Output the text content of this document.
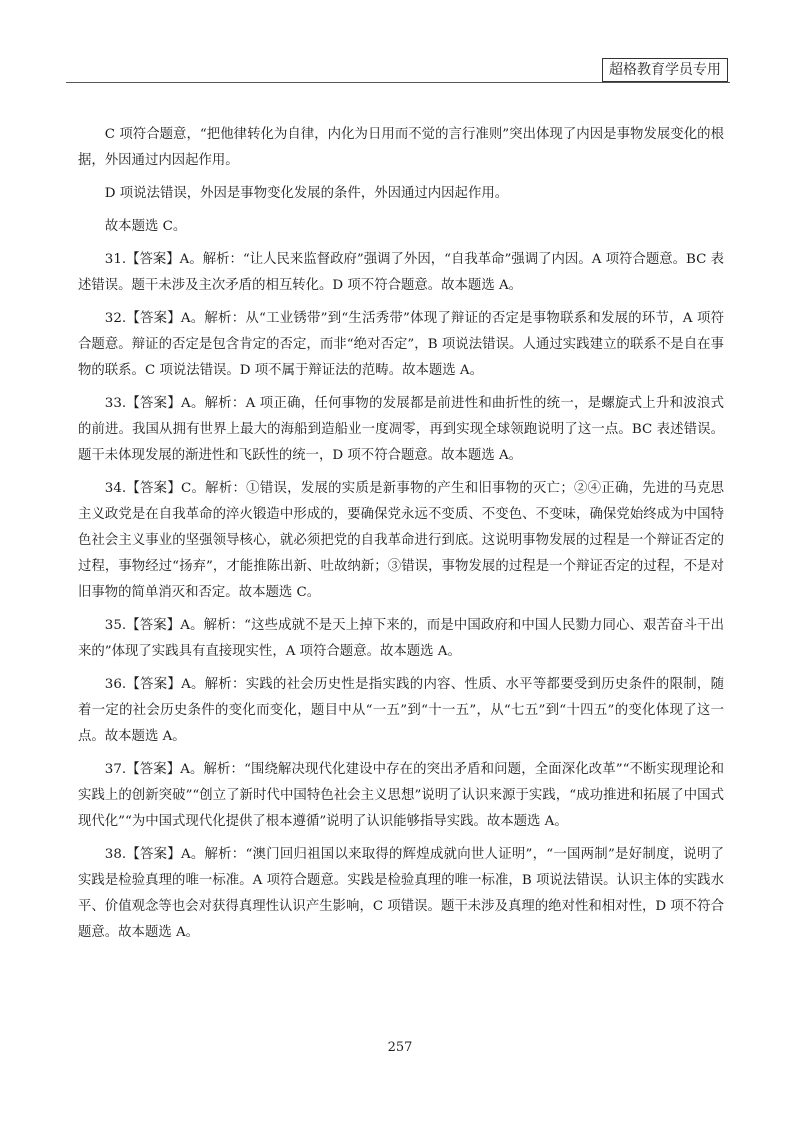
超格教育学员专用

C 项符合题意，“把他律转化为自律，内化为日用而不觉的言行准则”突出体现了内因是事物发展变化的根据，外因通过内因起作用。

D 项说法错误，外因是事物变化发展的条件，外因通过内因起作用。

故本题选 C。

31.【答案】A。解析：“让人民来监督政府”强调了外因，“自我革命”强调了内因。A 项符合题意。BC 表述错误。题干未涉及主次矛盾的相互转化。D 项不符合题意。故本题选 A。

32.【答案】A。解析：从“工业锈带”到“生活秀带”体现了辩证的否定是事物联系和发展的环节，A 项符合题意。辩证的否定是包含肯定的否定，而非“绝对否定”，B 项说法错误。人通过实践建立的联系不是自在事物的联系。C 项说法错误。D 项不属于辩证法的范畴。故本题选 A。

33.【答案】A。解析：A 项正确，任何事物的发展都是前进性和曲折性的统一，是螺旋式上升和波浪式的前进。我国从拥有世界上最大的海船到造船业一度凋零，再到实现全球领跑说明了这一点。BC 表述错误。题干未体现发展的渐进性和飞跃性的统一，D 项不符合题意。故本题选 A。

34.【答案】C。解析：①错误，发展的实质是新事物的产生和旧事物的灭亡；②④正确，先进的马克思主义政党是在自我革命的淬火锻造中形成的，要确保党永远不变质、不变色、不变味，确保党始终成为中国特色社会主义事业的坚强领导核心，就必须把党的自我革命进行到底。这说明事物发展的过程是一个辩证否定的过程，事物经过“扬弃”，才能推陈出新、吐故纳新；③错误，事物发展的过程是一个辩证否定的过程，不是对旧事物的简单消灭和否定。故本题选 C。

35.【答案】A。解析：“这些成就不是天上掉下来的，而是中国政府和中国人民勠力同心、艰苦奋斗干出来的”体现了实践具有直接现实性，A 项符合题意。故本题选 A。

36.【答案】A。解析：实践的社会历史性是指实践的内容、性质、水平等都要受到历史条件的限制，随着一定的社会历史条件的变化而变化，题目中从“一五”到“十一五”，从“七五”到“十四五”的变化体现了这一点。故本题选 A。

37.【答案】A。解析：“围绕解决现代化建设中存在的突出矛盾和问题，全面深化改革”“不断实现理论和实践上的创新突破”“创立了新时代中国特色社会主义思想”说明了认识来源于实践，“成功推进和拓展了中国式现代化”“为中国式现代化提供了根本遵循”说明了认识能够指导实践。故本题选 A。

38.【答案】A。解析：“澳门回归祖国以来取得的辉煌成就向世人证明”，“一国两制”是好制度，说明了实践是检验真理的唯一标准。A 项符合题意。实践是检验真理的唯一标准，B 项说法错误。认识主体的实践水平、价值观念等也会对获得真理性认识产生影响，C 项错误。题干未涉及真理的绝对性和相对性，D 项不符合题意。故本题选 A。

257
